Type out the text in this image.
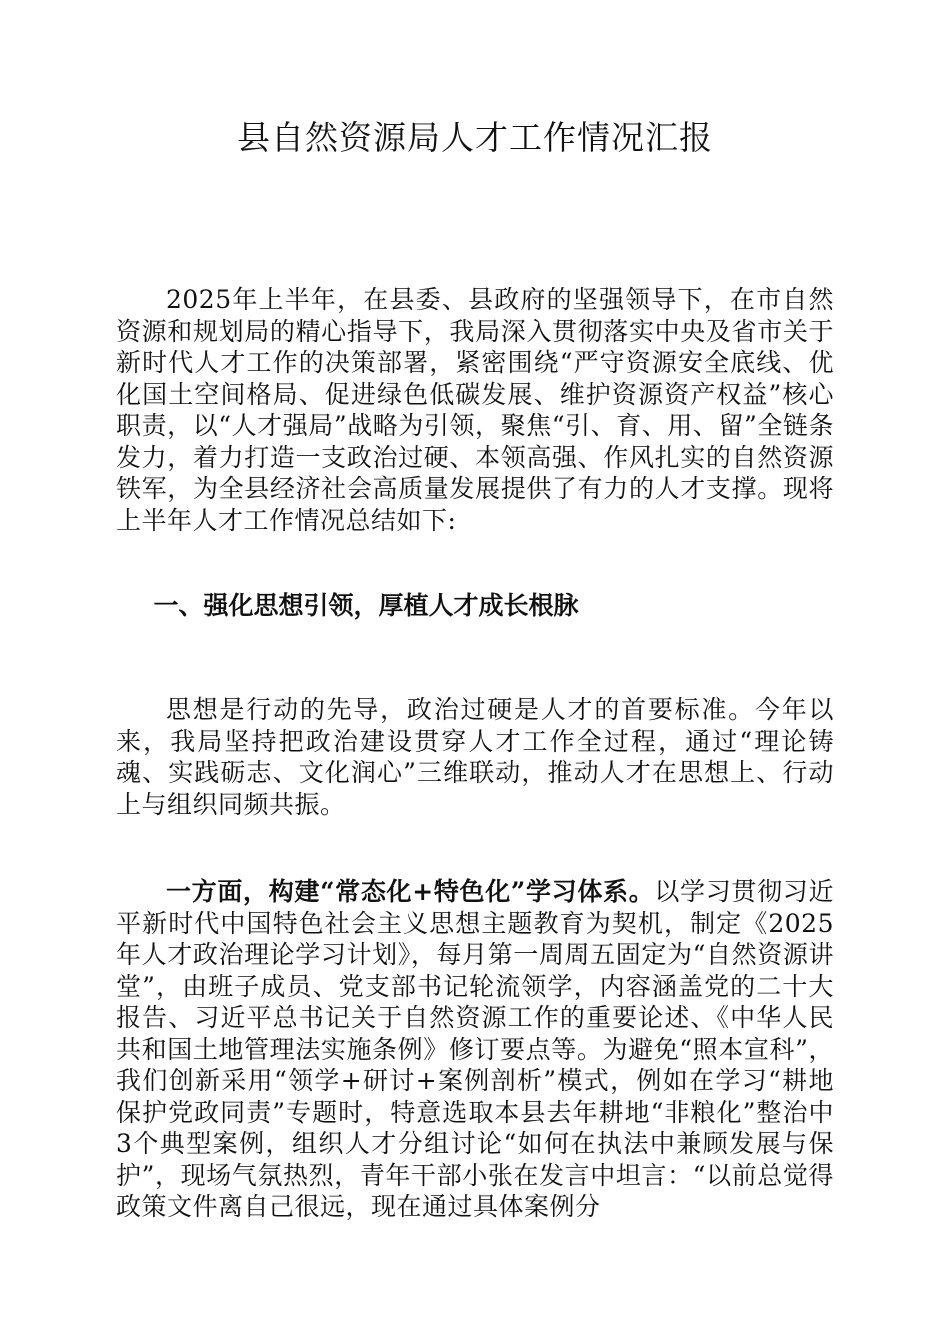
县自然资源局人才工作情况汇报

2025年上半年，在县委、县政府的坚强领导下，在市自然资源和规划局的精心指导下，我局深入贯彻落实中央及省市关于新时代人才工作的决策部署，紧密围绕“严守资源安全底线、优化国土空间格局、促进绿色低碳发展、维护资源资产权益”核心职责，以“人才强局”战略为引领，聚焦“引、育、用、留”全链条发力，着力打造一支政治过硬、本领高强、作风扎实的自然资源铁军，为全县经济社会高质量发展提供了有力的人才支撑。现将上半年人才工作情况总结如下:

一、强化思想引领，厚植人才成长根脉

思想是行动的先导，政治过硬是人才的首要标准。今年以来，我局坚持把政治建设贯穿人才工作全过程，通过“理论铸魂、实践砺志、文化润心”三维联动，推动人才在思想上、行动上与组织同频共振。

一方面，构建“常态化+特色化”学习体系。以学习贯彻习近平新时代中国特色社会主义思想主题教育为契机，制定《2025年人才政治理论学习计划》，每月第一周周五固定为“自然资源讲堂”，由班子成员、党支部书记轮流领学，内容涵盖党的二十大报告、习近平总书记关于自然资源工作的重要论述、《中华人民共和国土地管理法实施条例》修订要点等。为避免“照本宣科”，我们创新采用“领学+研讨+案例剖析”模式，例如在学习“耕地保护党政同责”专题时，特意选取本县去年耕地“非粮化”整治中3个典型案例，组织人才分组讨论“如何在执法中兼顾发展与保护”，现场气氛热烈，青年干部小张在发言中坦言：“以前总觉得政策文件离自己很远，现在通过具体案例分
